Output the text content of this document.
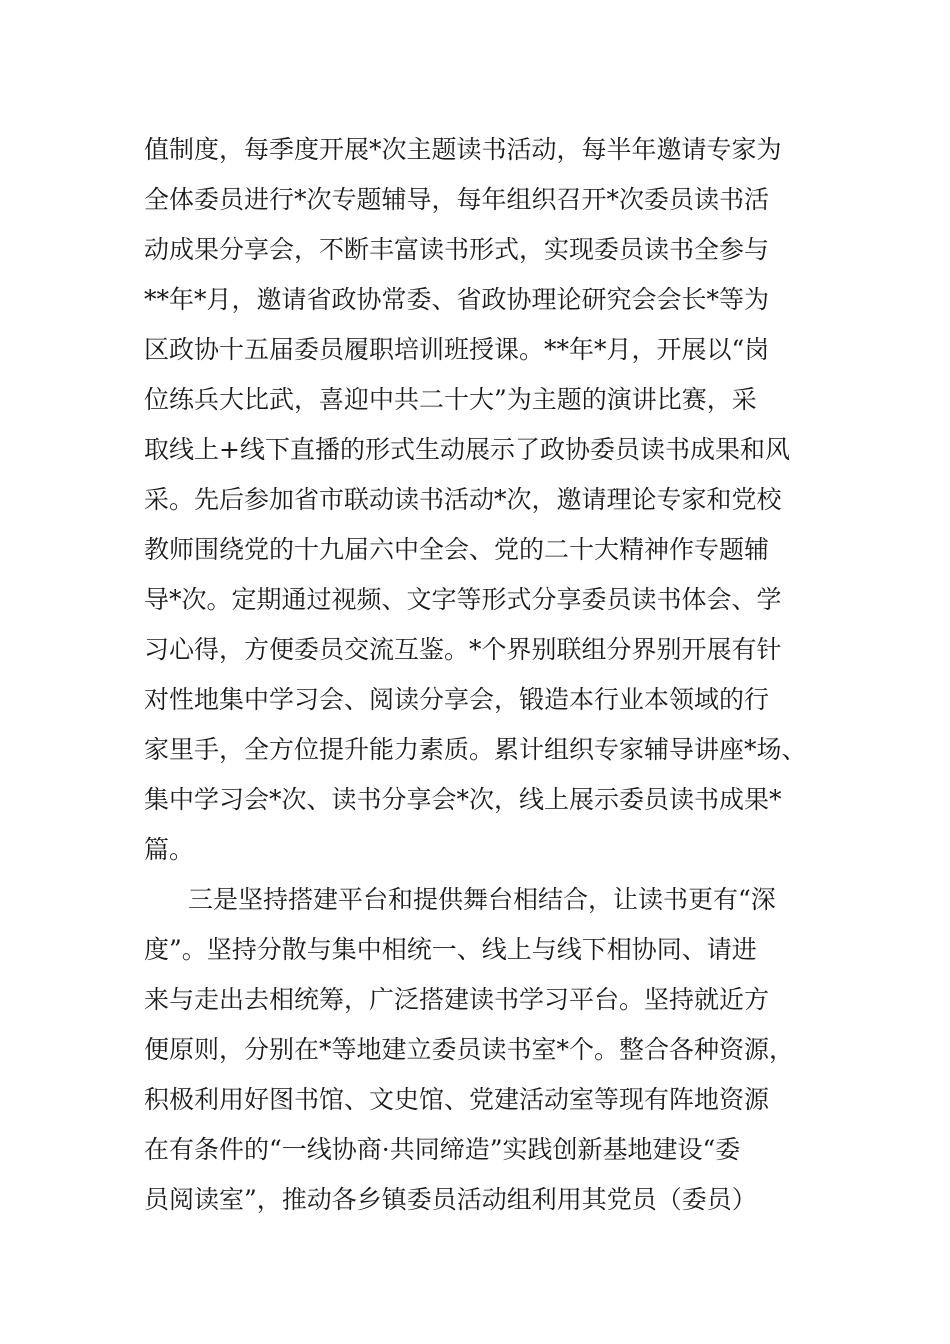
值制度，每季度开展*次主题读书活动，每半年邀请专家为
全体委员进行*次专题辅导，每年组织召开*次委员读书活
动成果分享会，不断丰富读书形式，实现委员读书全参与
**年*月，邀请省政协常委、省政协理论研究会会长*等为
区政协十五届委员履职培训班授课。**年*月，开展以“岗
位练兵大比武，喜迎中共二十大”为主题的演讲比赛，采
取线上+线下直播的形式生动展示了政协委员读书成果和风
采。先后参加省市联动读书活动*次，邀请理论专家和党校
教师围绕党的十九届六中全会、党的二十大精神作专题辅
导*次。定期通过视频、文字等形式分享委员读书体会、学
习心得，方便委员交流互鉴。*个界别联组分界别开展有针
对性地集中学习会、阅读分享会，锻造本行业本领域的行
家里手，全方位提升能力素质。累计组织专家辅导讲座*场、
集中学习会*次、读书分享会*次，线上展示委员读书成果*
篇。
三是坚持搭建平台和提供舞台相结合，让读书更有“深
度”。坚持分散与集中相统一、线上与线下相协同、请进
来与走出去相统筹，广泛搭建读书学习平台。坚持就近方
便原则，分别在*等地建立委员读书室*个。整合各种资源，
积极利用好图书馆、文史馆、党建活动室等现有阵地资源
在有条件的“一线协商·共同缔造”实践创新基地建设“委
员阅读室”，推动各乡镇委员活动组利用其党员（委员）
